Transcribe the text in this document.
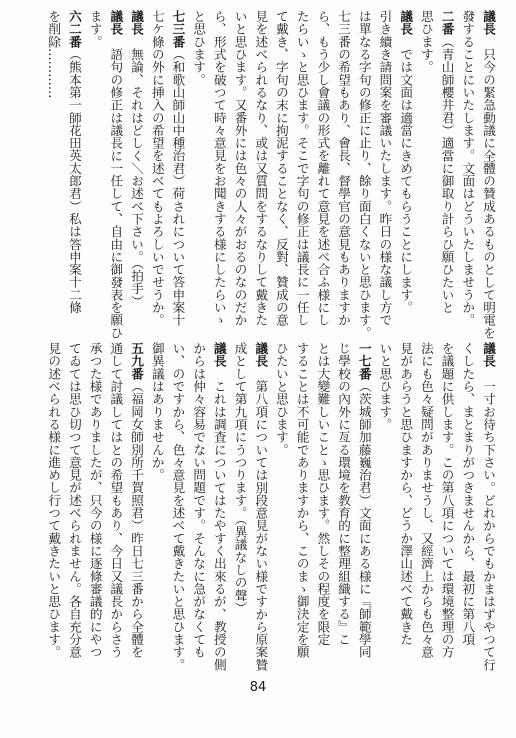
議長　只今の緊急動議に全體の贊成あるものとして明電を
發することにいたします。文面はどういたしませうか。
二番（青山師櫻井君）適當に御取り計らひ願ひたいと
思ひます。
議長　では文面は適當にきめてもらうことにします。
引き續き請問案を審議いたします。昨日の様な議し方で
は單なる字句の修正に止り、餘り面白くないと思ひます。
七三番の希望もあり、會長、督學官の意見もありますか
ら、もう少し會議の形式を離れて意見を述べ合ふ様にし
たらいゝと思ひます。そこで字句の修正は議長に一任し
て戴き、字句の末に拘泥することなく、反對、贊成の意
見を述べられるなり、或は又質問をするなりして戴きた
いと思ひます。又番外には色々の人々がおるのなのだか
ら、形式を破つて時々意見をお聞きする様にしたらいゝ
と思ひます。
七三番（和歌山師山中種治君）荷されについて答申案十
七ケ條の外に挿入の希望を述べてもよろしいでせうか。
議長　無論、それはどしく＼お述べ下さい。（拍手）
議長　語句の修正は議長に一任して、自由に御發表を願ひ
ます。
六二番（熊本第一師花田英太郎君）私は答申案十二條
を削除…………
議長　一寸お待ち下さい。どれからでもかまはずやつて行
くしたら、まとまりがつきませんから、最初に第八項
を議題に供します。この第八項については環境整理の方
法にも色々疑問がありませうし、又經濟上からも色々意
見があらうと思ひますから、どうか澤山述べて戴きた
いと思ひます。
一七番（茨城師加藤巍治君）文面にある様に『師範學同
じ學校の內外に亙る環境を教育的に整理組織する』こ
とは大變難しいことゝ思ひます。然しその程度を限定
することは不可能でありますから、このまゝ御決定を願
ひたいと思ひます。
議長　第八項については別段意見がない様ですから原案贊
成として第九項にうつります。（異議なしの聲）
議長　これは調査についてはたやすく出來るが、教授の側
からは仲々容易でない問題です。そんなに急がなくても
い、のですから、色々意見を述べて戴きたいと思ひます。
御異議はありませんか。
五九番（福岡女師別所千賀照君）昨日七三番から全體を
通して討議してはとの希望もあり、今日又議長からさう
承つた様でありましたが、只今の様に逐條審議的にやつ
てゐては思ひ切つて意見が述べられません。各自充分意
見の述べられる様に進めし行つて戴きたいと思ひます。
84
